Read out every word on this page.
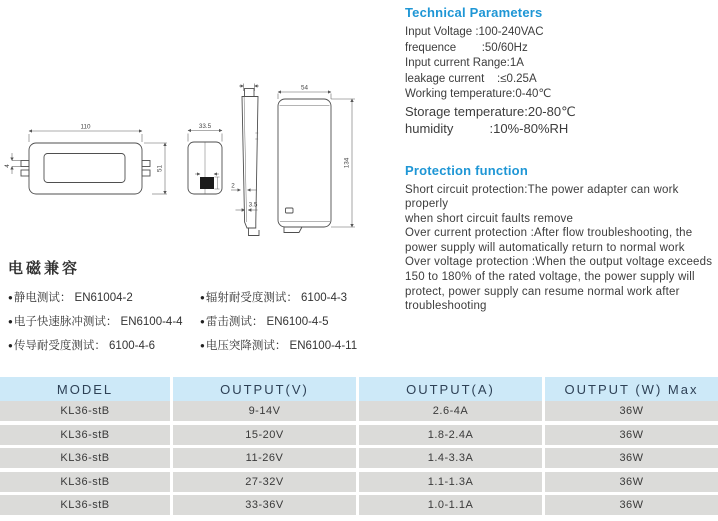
110
4	51
33.5
2
3.5
54
134
Technical Parameters
Input Voltage :100-240VAC
frequence        :50/60Hz
Input current Range:1A
leakage current    :≤0.25A
Working temperature:0-40℃
Storage temperature:20-80℃
humidity          :10%-80%RH
Protection function
Short circuit protection:The power adapter can work properly
when short circuit faults remove
Over current protection :After flow troubleshooting, the
power supply will automatically return to normal work
Over voltage protection :When the output voltage exceeds
150 to 180% of the rated voltage, the power supply will
protect, power supply can resume normal work after
troubleshooting
电磁兼容
●静电测试： EN61004-2	●辐射耐受度测试： 6100-4-3
●电子快速脉冲测试： EN6100-4-4	●雷击测试： EN6100-4-5
●传导耐受度测试： 6100-4-6	●电压突降测试： EN6100-4-11
MODEL	OUTPUT(V)	OUTPUT(A)	OUTPUT (W) Max
KL36-stB	9-14V	2.6-4A	36W
KL36-stB	15-20V	1.8-2.4A	36W
KL36-stB	11-26V	1.4-3.3A	36W
KL36-stB	27-32V	1.1-1.3A	36W
KL36-stB	33-36V	1.0-1.1A	36W
